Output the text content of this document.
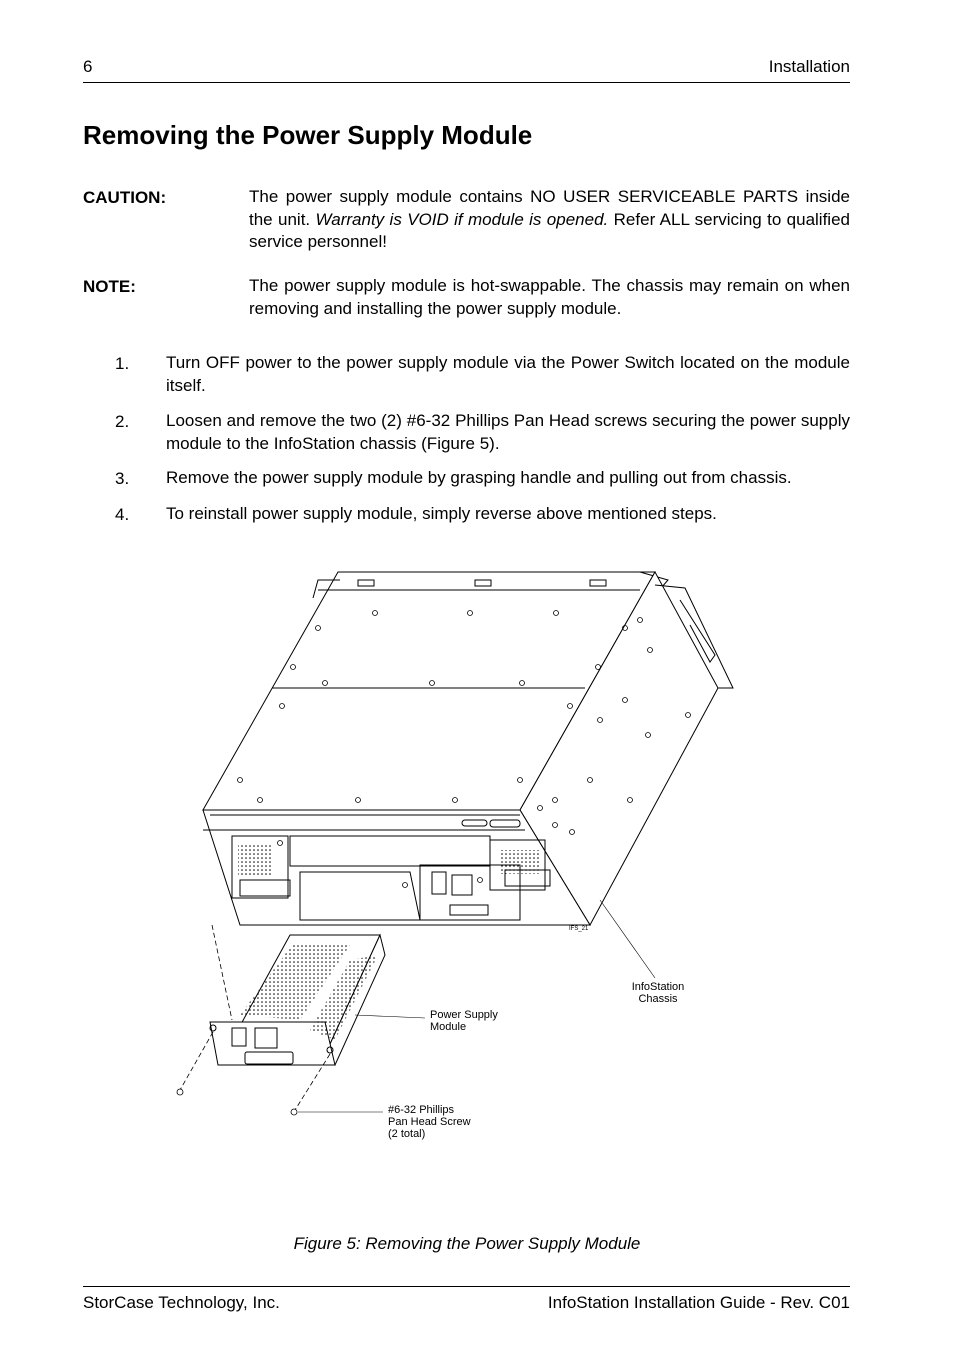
6	Installation
Removing the Power Supply Module
CAUTION:	The power supply module contains NO USER SERVICEABLE PARTS inside the unit. Warranty is VOID if module is opened. Refer ALL servicing to qualified service personnel!
NOTE:	The power supply module is hot-swappable. The chassis may remain on when removing and installing the power supply module.
1. Turn OFF power to the power supply module via the Power Switch located on the module itself.
2. Loosen and remove the two (2) #6-32 Phillips Pan Head screws securing the power supply module to the InfoStation chassis (Figure 5).
3. Remove the power supply module by grasping handle and pulling out from chassis.
4. To reinstall power supply module, simply reverse above mentioned steps.
IFS_21
InfoStation
Chassis
Power Supply
Module
#6-32 Phillips
Pan Head Screw
(2 total)
Figure 5: Removing the Power Supply Module
StorCase Technology, Inc.	InfoStation Installation Guide - Rev. C01
